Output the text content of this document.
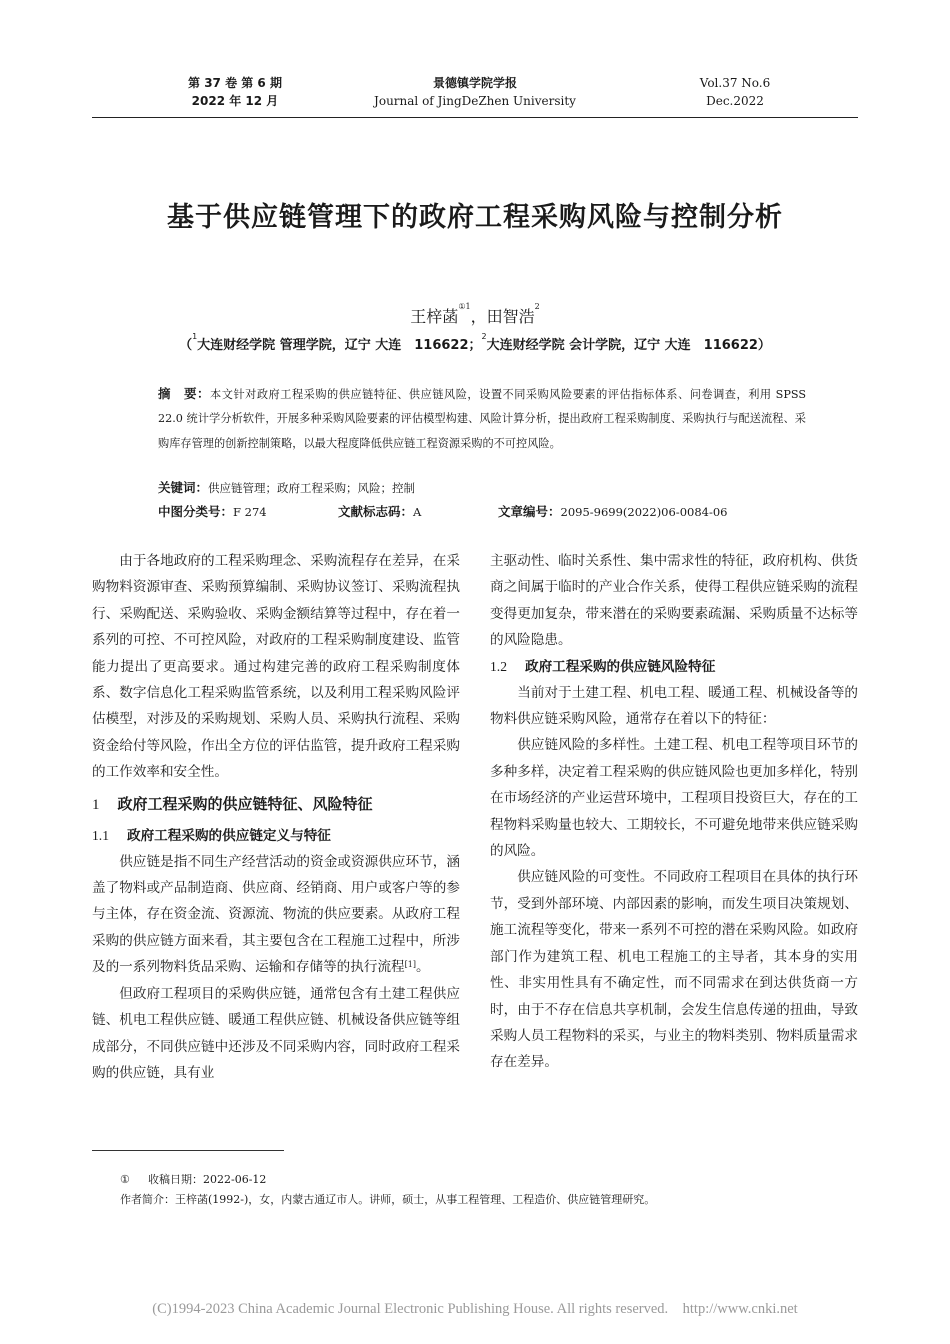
第 37 卷 第 6 期
2022 年 12 月
景德镇学院学报
Journal of JingDeZhen University
Vol.37 No.6
Dec.2022
基于供应链管理下的政府工程采购风险与控制分析
王梓菡$^{①1}$，田智浩$^2$
（$^1$大连财经学院 管理学院，辽宁 大连　116622；$^2$大连财经学院 会计学院，辽宁 大连　116622）
摘　要：本文针对政府工程采购的供应链特征、供应链风险，设置不同采购风险要素的评估指标体系、问卷调查，利用 SPSS 22.0 统计学分析软件，开展多种采购风险要素的评估模型构建、风险计算分析，提出政府工程采购制度、采购执行与配送流程、采购库存管理的创新控制策略，以最大程度降低供应链工程资源采购的不可控风险。
关键词：供应链管理；政府工程采购；风险；控制
中图分类号：F 274	文献标志码：A	文章编号：2095-9699(2022)06-0084-06

由于各地政府的工程采购理念、采购流程存在差异，在采购物料资源审查、采购预算编制、采购协议签订、采购流程执行、采购配送、采购验收、采购金额结算等过程中，存在着一系列的可控、不可控风险，对政府的工程采购制度建设、监管能力提出了更高要求。通过构建完善的政府工程采购制度体系、数字信息化工程采购监管系统，以及利用工程采购风险评估模型，对涉及的采购规划、采购人员、采购执行流程、采购资金给付等风险，作出全方位的评估监管，提升政府工程采购的工作效率和安全性。

1 政府工程采购的供应链特征、风险特征

1.1 政府工程采购的供应链定义与特征

供应链是指不同生产经营活动的资金或资源供应环节，涵盖了物料或产品制造商、供应商、经销商、用户或客户等的参与主体，存在资金流、资源流、物流的供应要素。从政府工程采购的供应链方面来看，其主要包含在工程施工过程中，所涉及的一系列物料货品采购、运输和存储等的执行流程[1]。

但政府工程项目的采购供应链，通常包含有土建工程供应链、机电工程供应链、暖通工程供应链、机械设备供应链等组成部分，不同供应链中还涉及不同采购内容，同时政府工程采购的供应链，具有业

主驱动性、临时关系性、集中需求性的特征，政府机构、供货商之间属于临时的产业合作关系，使得工程供应链采购的流程变得更加复杂，带来潜在的采购要素疏漏、采购质量不达标等的风险隐患。

1.2 政府工程采购的供应链风险特征

当前对于土建工程、机电工程、暖通工程、机械设备等的物料供应链采购风险，通常存在着以下的特征：

供应链风险的多样性。土建工程、机电工程等项目环节的多种多样，决定着工程采购的供应链风险也更加多样化，特别在市场经济的产业运营环境中，工程项目投资巨大，存在的工程物料采购量也较大、工期较长，不可避免地带来供应链采购的风险。

供应链风险的可变性。不同政府工程项目在具体的执行环节，受到外部环境、内部因素的影响，而发生项目决策规划、施工流程等变化，带来一系列不可控的潜在采购风险。如政府部门作为建筑工程、机电工程施工的主导者，其本身的实用性、非实用性具有不确定性，而不同需求在到达供货商一方时，由于不存在信息共享机制，会发生信息传递的扭曲，导致采购人员工程物料的采买，与业主的物料类别、物料质量需求存在差异。

① 收稿日期：2022-06-12
作者简介：王梓菡(1992-)，女，内蒙古通辽市人。讲师，硕士，从事工程管理、工程造价、供应链管理研究。
(C)1994-2023 China Academic Journal Electronic Publishing House. All rights reserved.　http://www.cnki.net
